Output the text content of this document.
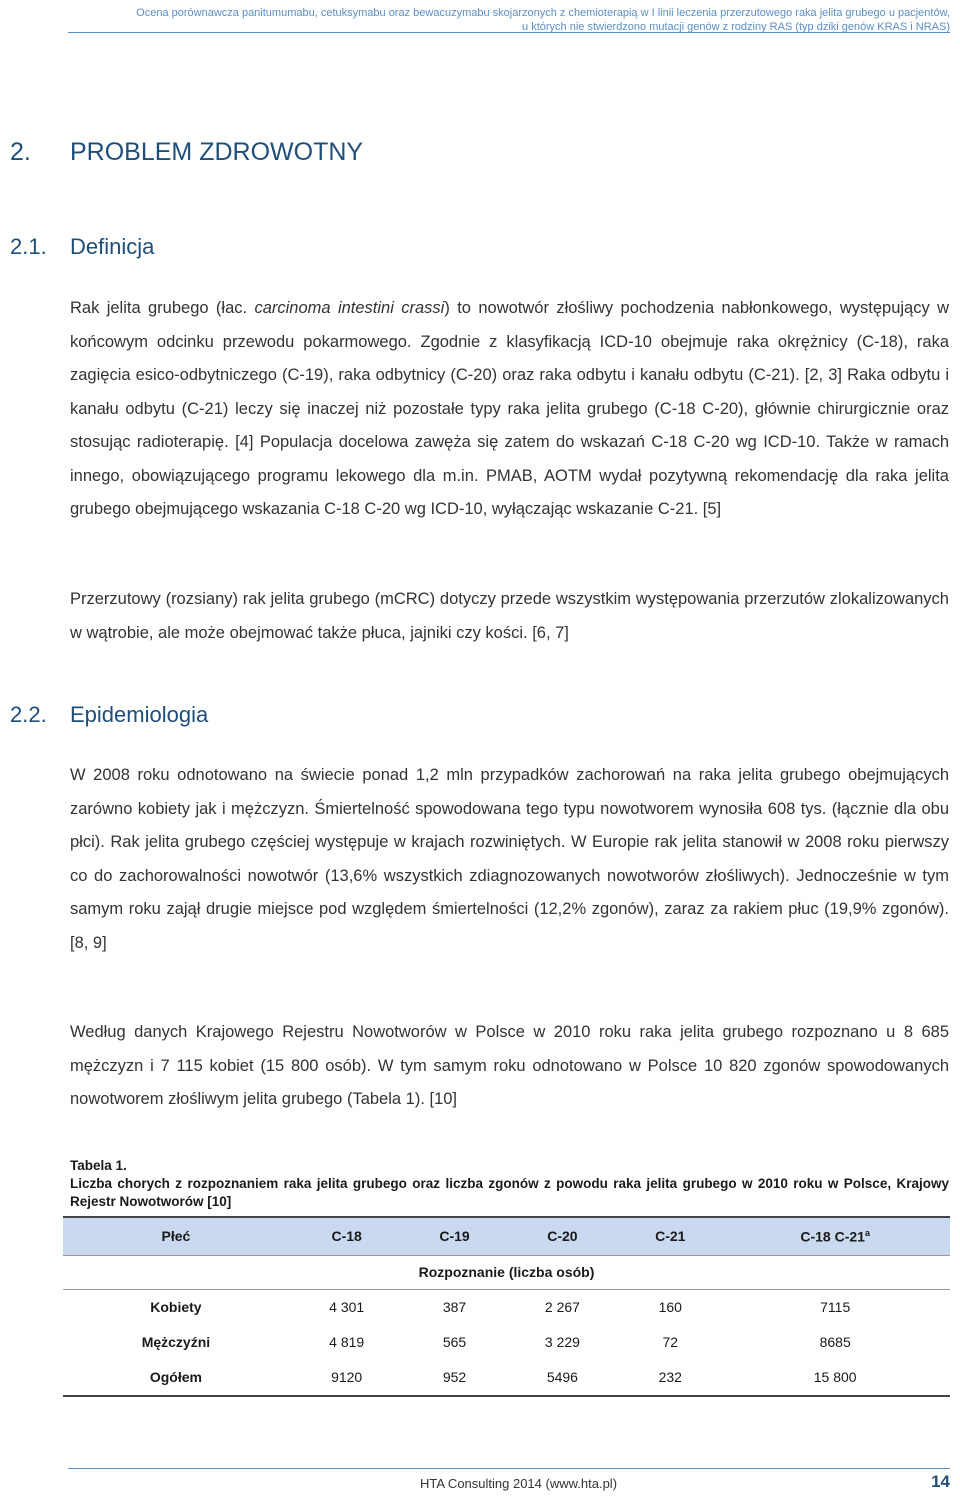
Ocena porównawcza panitumumabu, cetuksymabu oraz bewacuzymabu skojarzonych z chemioterapią w I linii leczenia przerzutowego raka jelita grubego u pacjentów,
u których nie stwierdzono mutacji genów z rodziny RAS (typ dziki genów KRAS i NRAS)
2. PROBLEM ZDROWOTNY
2.1. Definicja
Rak jelita grubego (łac. carcinoma intestini crassi) to nowotwór złośliwy pochodzenia nabłonkowego, występujący w końcowym odcinku przewodu pokarmowego. Zgodnie z klasyfikacją ICD-10 obejmuje raka okrężnicy (C-18), raka zagięcia esico-odbytniczego (C-19), raka odbytnicy (C-20) oraz raka odbytu i kanału odbytu (C-21). [2, 3] Raka odbytu i kanału odbytu (C-21) leczy się inaczej niż pozostałe typy raka jelita grubego (C-18 C-20), głównie chirurgicznie oraz stosując radioterapię. [4] Populacja docelowa zawęża się zatem do wskazań C-18 C-20 wg ICD-10. Także w ramach innego, obowiązującego programu lekowego dla m.in. PMAB, AOTM wydał pozytywną rekomendację dla raka jelita grubego obejmującego wskazania C-18 C-20 wg ICD-10, wyłączając wskazanie C-21. [5]
Przerzutowy (rozsiany) rak jelita grubego (mCRC) dotyczy przede wszystkim występowania przerzutów zlokalizowanych w wątrobie, ale może obejmować także płuca, jajniki czy kości. [6, 7]
2.2. Epidemiologia
W 2008 roku odnotowano na świecie ponad 1,2 mln przypadków zachorowań na raka jelita grubego obejmujących zarówno kobiety jak i mężczyzn. Śmiertelność spowodowana tego typu nowotworem wynosiła 608 tys. (łącznie dla obu płci). Rak jelita grubego częściej występuje w krajach rozwiniętych. W Europie rak jelita stanowił w 2008 roku pierwszy co do zachorowalności nowotwór (13,6% wszystkich zdiagnozowanych nowotworów złośliwych). Jednocześnie w tym samym roku zajął drugie miejsce pod względem śmiertelności (12,2% zgonów), zaraz za rakiem płuc (19,9% zgonów). [8, 9]
Według danych Krajowego Rejestru Nowotworów w Polsce w 2010 roku raka jelita grubego rozpoznano u 8 685 mężczyzn i 7 115 kobiet (15 800 osób). W tym samym roku odnotowano w Polsce 10 820 zgonów spowodowanych nowotworem złośliwym jelita grubego (Tabela 1). [10]
Tabela 1.
Liczba chorych z rozpoznaniem raka jelita grubego oraz liczba zgonów z powodu raka jelita grubego w 2010 roku w Polsce, Krajowy Rejestr Nowotworów [10]
Płeć	C-18	C-19	C-20	C-21	C-18 C-21$^a$
Rozpoznanie (liczba osób)					
Kobiety	4 301	387	2 267	160	7115
Mężczyźni	4 819	565	3 229	72	8685
Ogółem	9120	952	5496	232	15 800
HTA Consulting 2014 (www.hta.pl)	14
